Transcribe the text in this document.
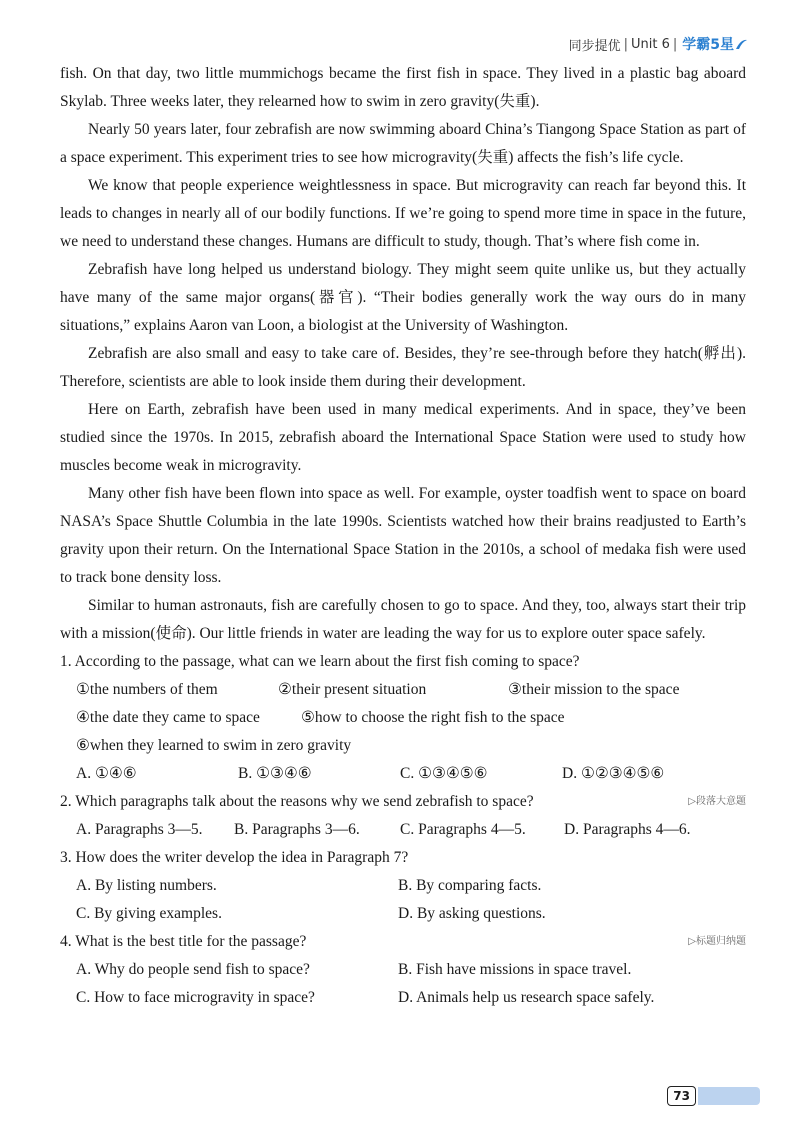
同步提优 | Unit 6 | 学霸5星

fish. On that day, two little mummichogs became the first fish in space. They lived in a plastic bag aboard Skylab. Three weeks later, they relearned how to swim in zero gravity(失重).

Nearly 50 years later, four zebrafish are now swimming aboard China’s Tiangong Space Station as part of a space experiment. This experiment tries to see how microgravity(失重) affects the fish’s life cycle.

We know that people experience weightlessness in space. But microgravity can reach far beyond this. It leads to changes in nearly all of our bodily functions. If we’re going to spend more time in space in the future, we need to understand these changes. Humans are difficult to study, though. That’s where fish come in.

Zebrafish have long helped us understand biology. They might seem quite unlike us, but they actually have many of the same major organs(器官). “Their bodies generally work the way ours do in many situations,” explains Aaron van Loon, a biologist at the University of Washington.

Zebrafish are also small and easy to take care of. Besides, they’re see-through before they hatch(孵出). Therefore, scientists are able to look inside them during their development.

Here on Earth, zebrafish have been used in many medical experiments. And in space, they’ve been studied since the 1970s. In 2015, zebrafish aboard the International Space Station were used to study how muscles become weak in microgravity.

Many other fish have been flown into space as well. For example, oyster toadfish went to space on board NASA’s Space Shuttle Columbia in the late 1990s. Scientists watched how their brains readjusted to Earth’s gravity upon their return. On the International Space Station in the 2010s, a school of medaka fish were used to track bone density loss.

Similar to human astronauts, fish are carefully chosen to go to space. And they, too, always start their trip with a mission(使命). Our little friends in water are leading the way for us to explore outer space safely.

1. According to the passage, what can we learn about the first fish coming to space?

①the numbers of them	②their present situation	③their mission to the space
④the date they came to space	⑤how to choose the right fish to the space
⑥when they learned to swim in zero gravity
A. ①④⑥	B. ①③④⑥	C. ①③④⑤⑥	D. ①②③④⑤⑥

2. Which paragraphs talk about the reasons why we send zebrafish to space?	▷段落大意题
A. Paragraphs 3—5.	B. Paragraphs 3—6.	C. Paragraphs 4—5.	D. Paragraphs 4—6.

3. How does the writer develop the idea in Paragraph 7?

A. By listing numbers.	B. By comparing facts.
C. By giving examples.	D. By asking questions.

4. What is the best title for the passage?	▷标题归纳题
A. Why do people send fish to space?	B. Fish have missions in space travel.
C. How to face microgravity in space?	D. Animals help us research space safely.
73
